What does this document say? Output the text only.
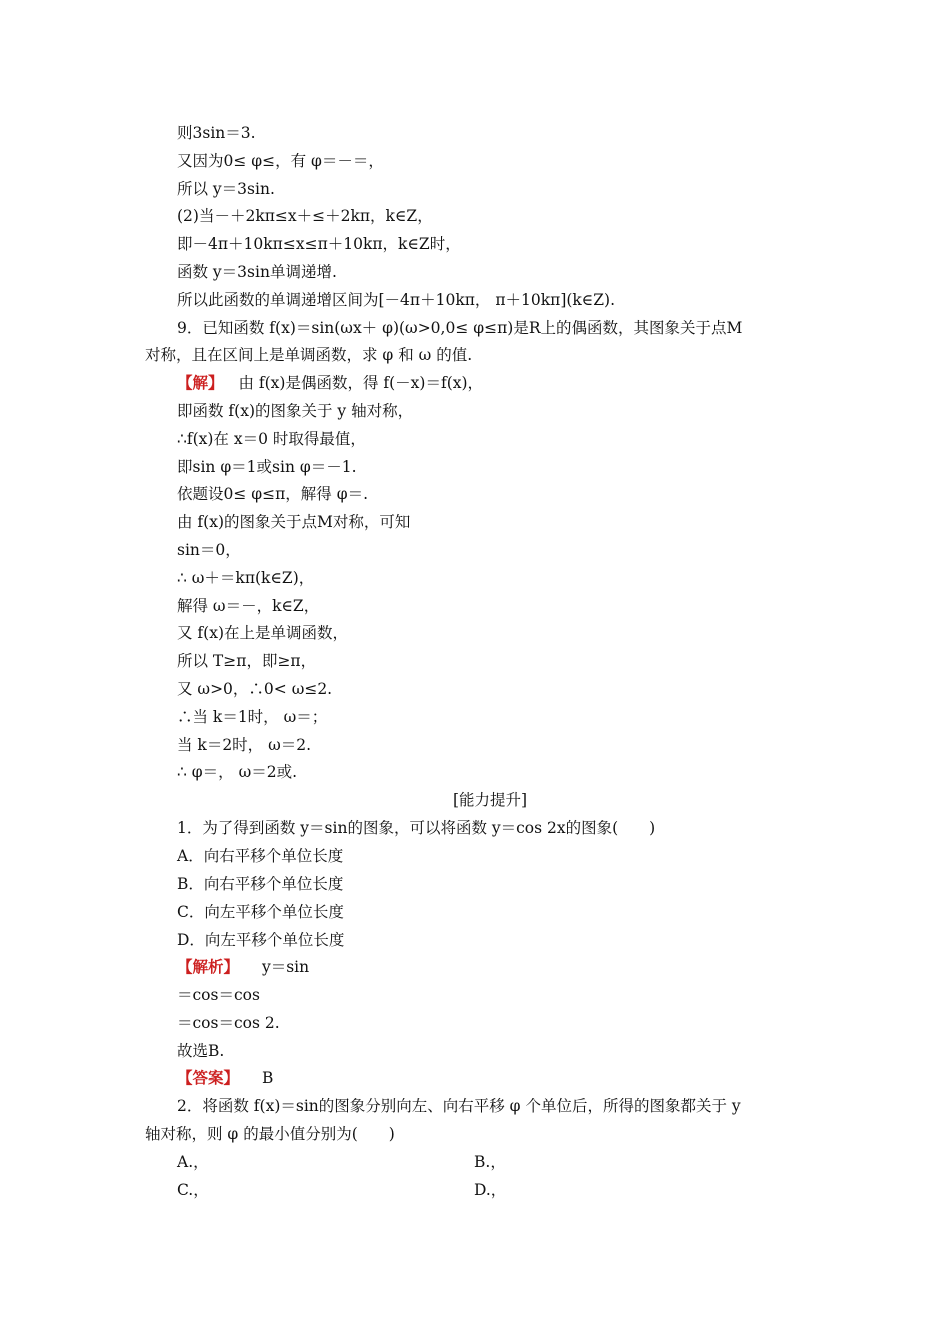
则3sin＝3.
又因为0≤ φ≤，有 φ＝－＝，
所以 y＝3sin.
(2)当－＋2kπ≤x＋≤＋2kπ，k∈Z，
即－4π＋10kπ≤x≤π＋10kπ，k∈Z时，
函数 y＝3sin单调递增.
所以此函数的单调递增区间为[－4π＋10kπ， π＋10kπ](k∈Z).
9．已知函数 f(x)＝sin(ωx＋ φ)(ω>0,0≤ φ≤π)是R上的偶函数，其图象关于点M
对称，且在区间上是单调函数，求 φ 和 ω 的值.
【解】 由 f(x)是偶函数，得 f(－x)＝f(x)，
即函数 f(x)的图象关于 y 轴对称，
∴f(x)在 x＝0 时取得最值，
即sin φ＝1或sin φ＝－1.
依题设0≤ φ≤π，解得 φ＝.
由 f(x)的图象关于点M对称，可知
sin＝0，
∴ ω＋＝kπ(k∈Z)，
解得 ω＝－，k∈Z，
又 f(x)在上是单调函数，
所以 T≥π，即≥π，
又 ω>0，∴0< ω≤2.
∴当 k＝1时， ω＝；
当 k＝2时， ω＝2.
∴ φ＝， ω＝2或.
[能力提升]
1．为了得到函数 y＝sin的图象，可以将函数 y＝cos 2x的图象(　　)
A．向右平移个单位长度
B．向右平移个单位长度
C．向左平移个单位长度
D．向左平移个单位长度
【解析】 y＝sin
＝cos＝cos
＝cos＝cos 2.
故选B.
【答案】 B
2．将函数 f(x)＝sin的图象分别向左、向右平移 φ 个单位后，所得的图象都关于 y
轴对称，则 φ 的最小值分别为(　　)
A.，	B.，
C.，	D.，
